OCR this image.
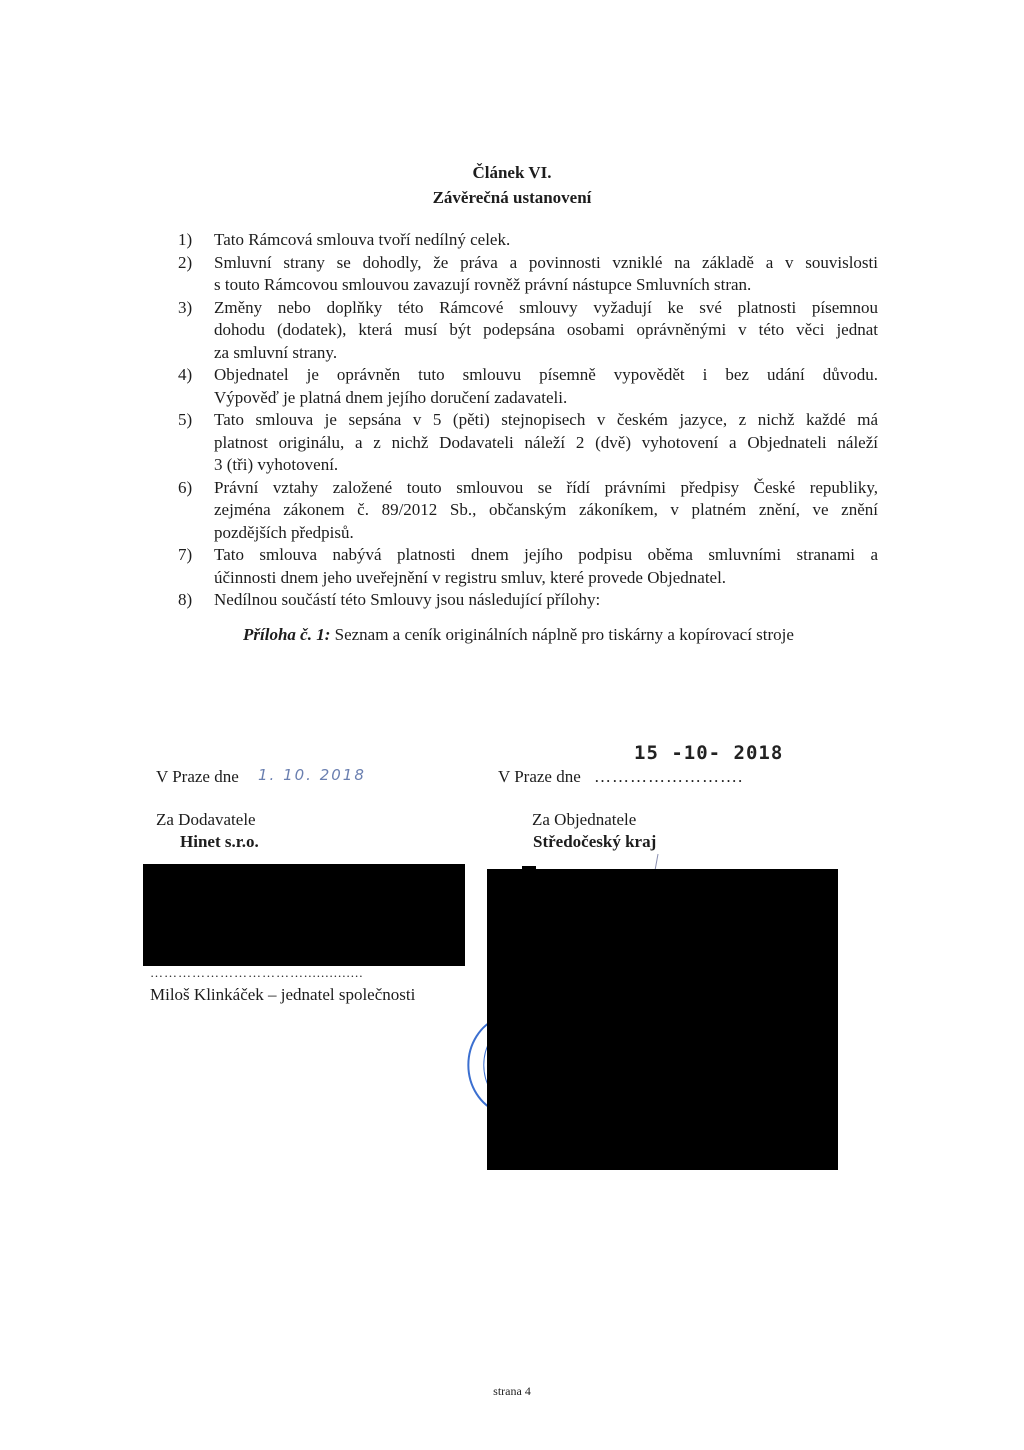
Článek VI.
Závěrečná ustanovení
1) Tato Rámcová smlouva tvoří nedílný celek.
2) Smluvní strany se dohodly, že práva a povinnosti vzniklé na základě a v souvislosti
s touto Rámcovou smlouvou zavazují rovněž právní nástupce Smluvních stran.
3) Změny nebo doplňky této Rámcové smlouvy vyžadují ke své platnosti písemnou
dohodu (dodatek), která musí být podepsána osobami oprávněnými v této věci jednat
za smluvní strany.
4) Objednatel je oprávněn tuto smlouvu písemně vypovědět i bez udání důvodu.
Výpověď je platná dnem jejího doručení zadavateli.
5) Tato smlouva je sepsána v 5 (pěti) stejnopisech v českém jazyce, z nichž každé má
platnost originálu, a z nichž Dodavateli náleží 2 (dvě) vyhotovení a Objednateli náleží
3 (tři) vyhotovení.
6) Právní vztahy založené touto smlouvou se řídí právními předpisy České republiky,
zejména zákonem č. 89/2012 Sb., občanským zákoníkem, v platném znění, ve znění
pozdějších předpisů.
7) Tato smlouva nabývá platnosti dnem jejího podpisu oběma smluvními stranami a
účinnosti dnem jeho uveřejnění v registru smluv, které provede Objednatel.
8) Nedílnou součástí této Smlouvy jsou následující přílohy:
Příloha č. 1: Seznam a ceník originálních náplně pro tiskárny a kopírovací stroje
V Praze dne 1. 10. 2018
Za Dodavatele
Hinet s.r.o.
……………………………..............
Miloš Klinkáček – jednatel společnosti
15 -10- 2018
V Praze dne …………………….
Za Objednatele
Středočeský kraj
strana 4
